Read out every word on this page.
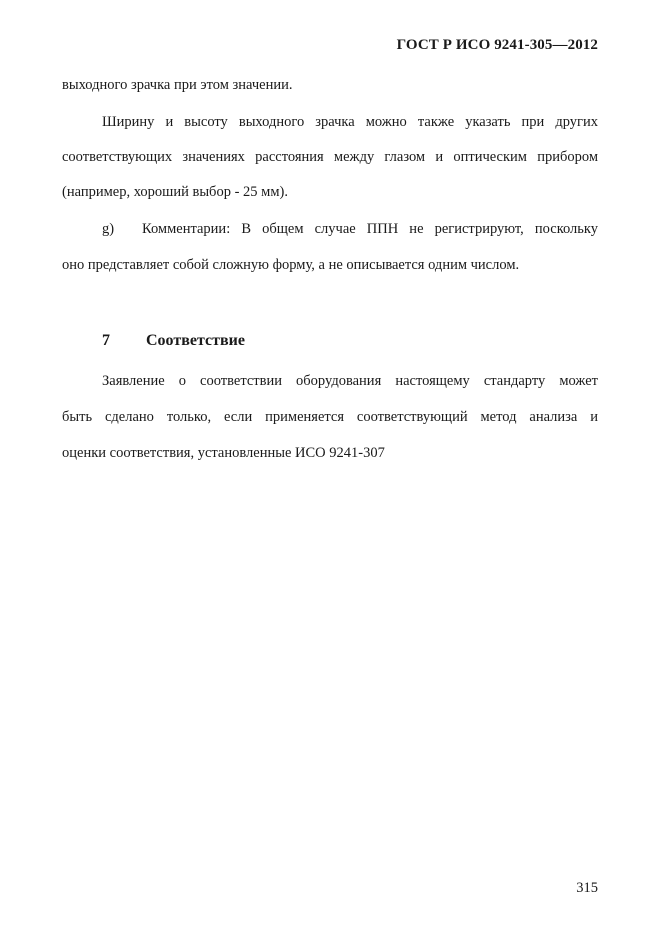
ГОСТ Р ИСО 9241-305—2012
выходного зрачка при этом значении.
Ширину и высоту выходного зрачка можно также указать при других
соответствующих значениях расстояния между глазом и оптическим прибором
(например, хороший выбор - 25 мм).
g)	Комментарии: В общем случае ППН не регистрируют, поскольку
оно представляет собой сложную форму, а не описывается одним числом.
7 Соответствие
Заявление о соответствии оборудования настоящему стандарту может
быть сделано только, если применяется соответствующий метод анализа и
оценки соответствия, установленные ИСО 9241-307
315
